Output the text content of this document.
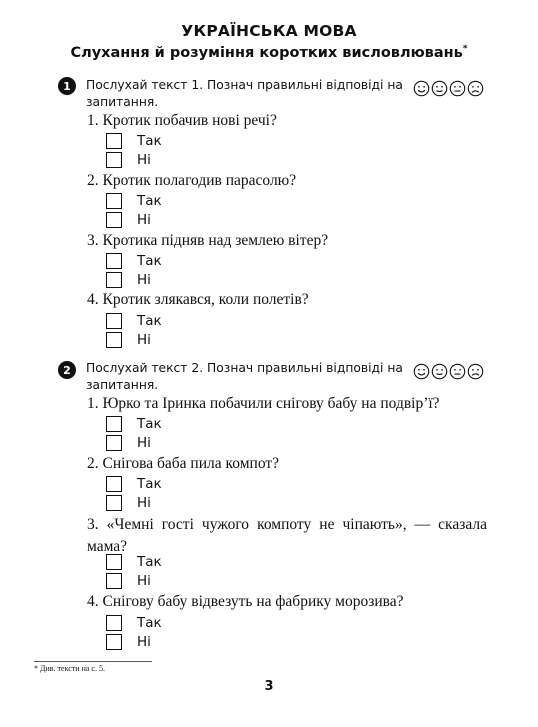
УКРАЇНСЬКА МОВА
Слухання й розуміння коротких висловлювань*
1	Послухай текст 1. Познач правильні відповіді на запитання.
1. Кротик побачив нові речі?
Так
Ні
2. Кротик полагодив парасолю?
Так
Ні
3. Кротика підняв над землею вітер?
Так
Ні
4. Кротик злякався, коли полетів?
Так
Ні
2	Послухай текст 2. Познач правильні відповіді на запитання.
1. Юрко та Іринка побачили снігову бабу на подвір’ї?
Так
Ні
2. Снігова баба пила компот?
Так
Ні
3. «Чемні гості чужого компоту не чіпають», — сказала мама?
Так
Ні
4. Снігову бабу відвезуть на фабрику морозива?
Так
Ні
* Див. тексти на с. 5.
3
